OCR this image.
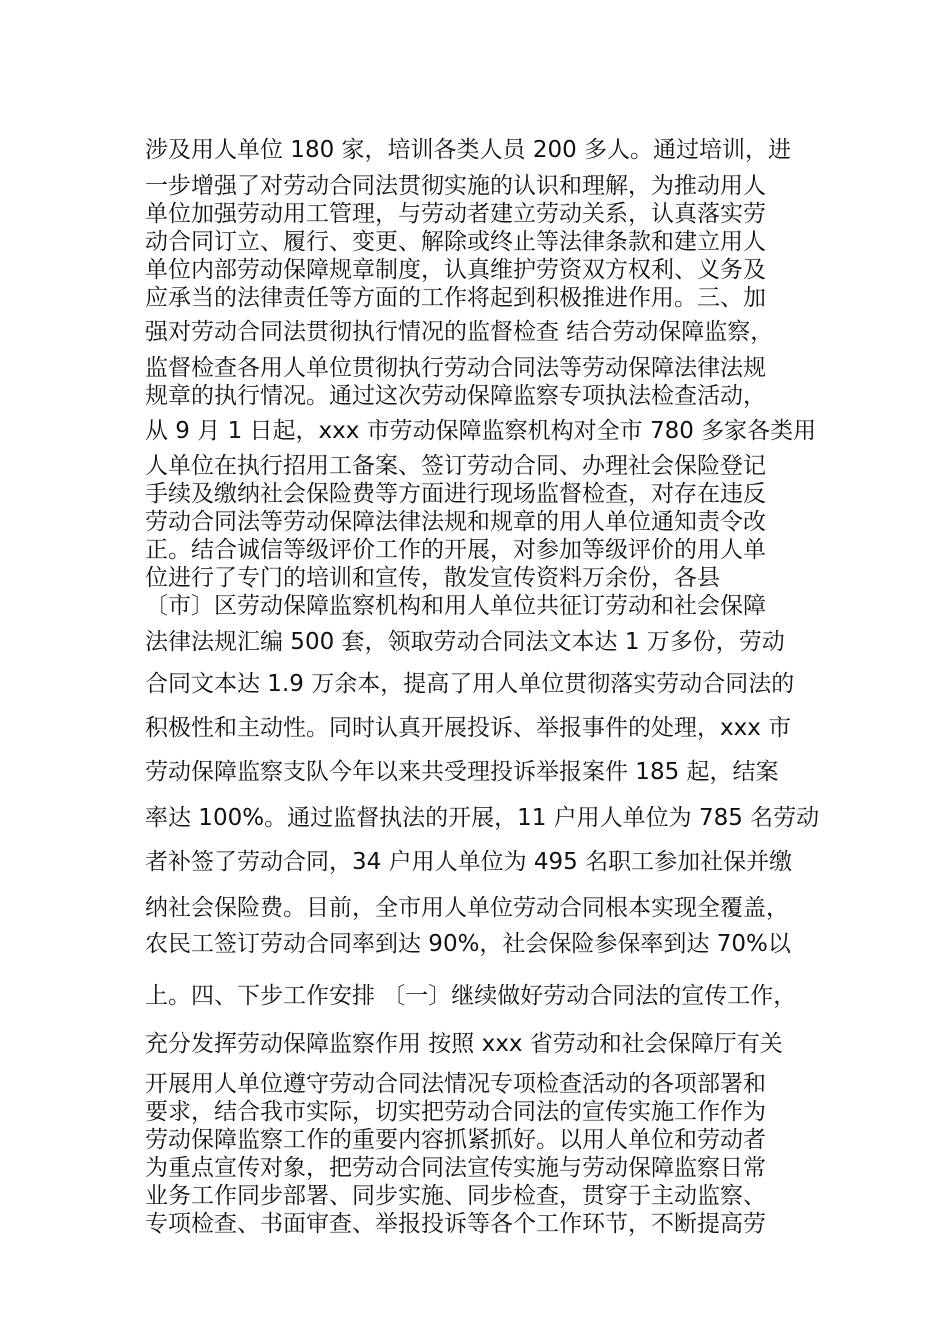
涉及用人单位 180 家，培训各类人员 200 多人。通过培训，进
一步增强了对劳动合同法贯彻实施的认识和理解，为推动用人
单位加强劳动用工管理，与劳动者建立劳动关系，认真落实劳
动合同订立、履行、变更、解除或终止等法律条款和建立用人
单位内部劳动保障规章制度，认真维护劳资双方权利、义务及
应承当的法律责任等方面的工作将起到积极推进作用。三、加
强对劳动合同法贯彻执行情况的监督检查 结合劳动保障监察，
监督检查各用人单位贯彻执行劳动合同法等劳动保障法律法规
规章的执行情况。通过这次劳动保障监察专项执法检查活动，
从 9 月 1 日起，xxx 市劳动保障监察机构对全市 780 多家各类用
人单位在执行招用工备案、签订劳动合同、办理社会保险登记
手续及缴纳社会保险费等方面进行现场监督检查，对存在违反
劳动合同法等劳动保障法律法规和规章的用人单位通知责令改
正。结合诚信等级评价工作的开展，对参加等级评价的用人单
位进行了专门的培训和宣传，散发宣传资料万余份，各县
〔市〕区劳动保障监察机构和用人单位共征订劳动和社会保障
法律法规汇编 500 套，领取劳动合同法文本达 1 万多份，劳动
合同文本达 1.9 万余本，提高了用人单位贯彻落实劳动合同法的
积极性和主动性。同时认真开展投诉、举报事件的处理，xxx 市
劳动保障监察支队今年以来共受理投诉举报案件 185 起，结案
率达 100%。通过监督执法的开展，11 户用人单位为 785 名劳动
者补签了劳动合同，34 户用人单位为 495 名职工参加社保并缴
纳社会保险费。目前，全市用人单位劳动合同根本实现全覆盖，
农民工签订劳动合同率到达 90%，社会保险参保率到达 70%以
上。四、下步工作安排 〔一〕继续做好劳动合同法的宣传工作，
充分发挥劳动保障监察作用 按照 xxx 省劳动和社会保障厅有关
开展用人单位遵守劳动合同法情况专项检查活动的各项部署和
要求，结合我市实际，切实把劳动合同法的宣传实施工作作为
劳动保障监察工作的重要内容抓紧抓好。以用人单位和劳动者
为重点宣传对象，把劳动合同法宣传实施与劳动保障监察日常
业务工作同步部署、同步实施、同步检查，贯穿于主动监察、
专项检查、书面审查、举报投诉等各个工作环节，不断提高劳
